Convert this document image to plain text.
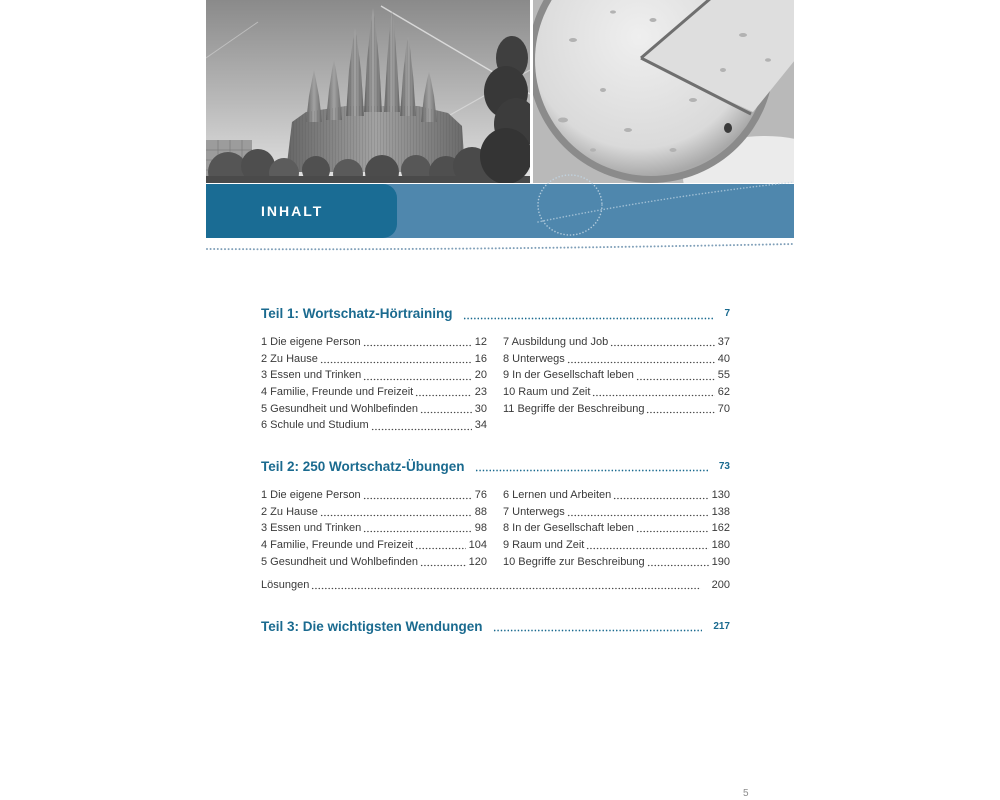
INHALT
Teil 1: Wortschatz-Hörtraining	7
1 Die eigene Person	12
2 Zu Hause	16
3 Essen und Trinken	20
4 Familie, Freunde und Freizeit	23
5 Gesundheit und Wohlbefinden	30
6 Schule und Studium	34
7 Ausbildung und Job	37
8 Unterwegs	40
9 In der Gesellschaft leben	55
10 Raum und Zeit	62
11 Begriffe der Beschreibung	70
Teil 2: 250 Wortschatz-Übungen	73
1 Die eigene Person	76
2 Zu Hause	88
3 Essen und Trinken	98
4 Familie, Freunde und Freizeit	104
5 Gesundheit und Wohlbefinden	120
6 Lernen und Arbeiten	130
7 Unterwegs	138
8 In der Gesellschaft leben	162
9 Raum und Zeit	180
10 Begriffe zur Beschreibung	190
Lösungen	200
Teil 3: Die wichtigsten Wendungen	217
5
